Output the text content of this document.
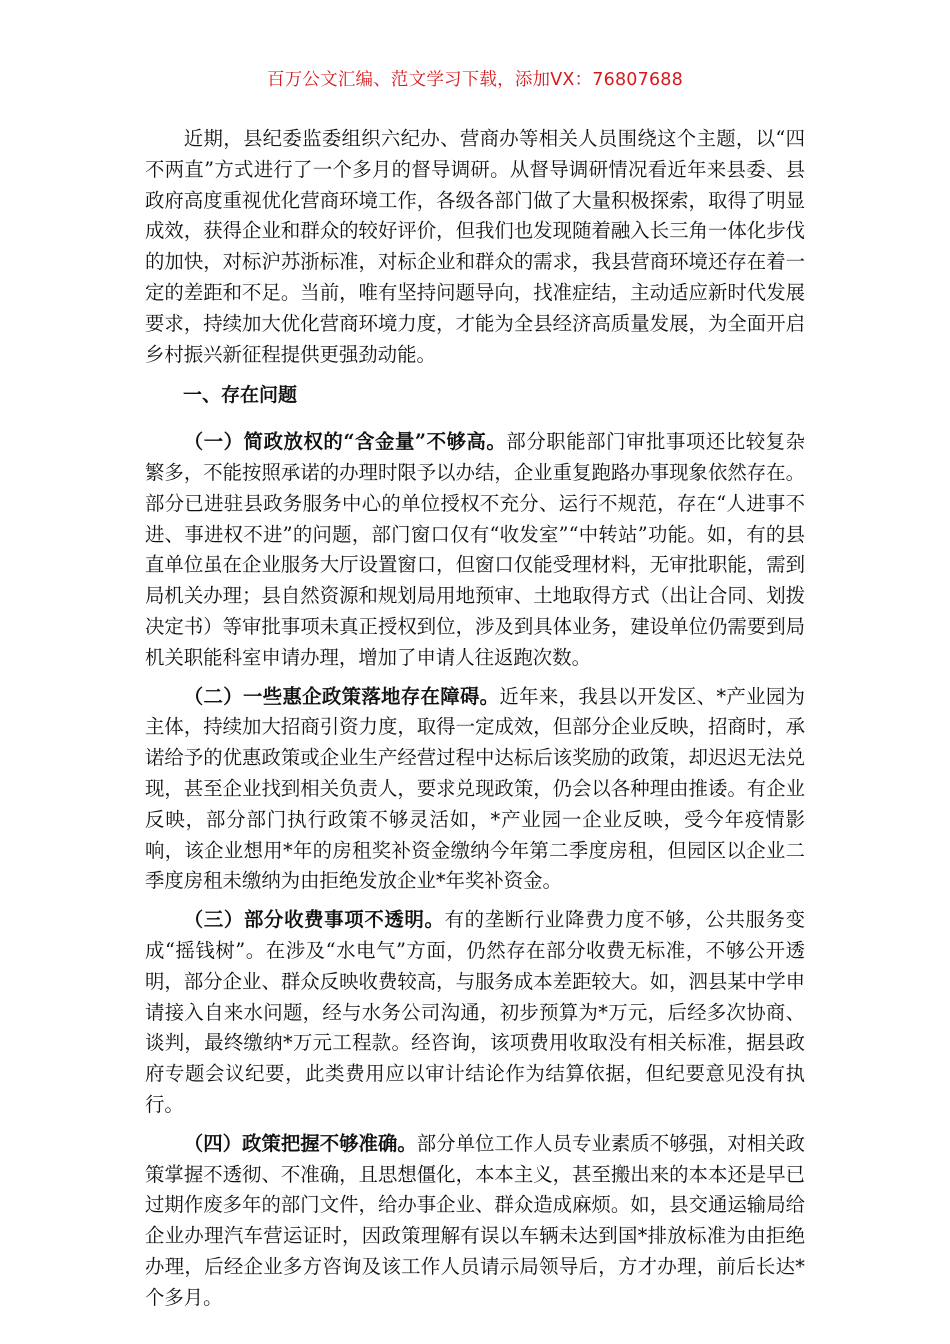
百万公文汇编、范文学习下载，添加VX：76807688

近期，县纪委监委组织六纪办、营商办等相关人员围绕这个主题，以“四不两直”方式进行了一个多月的督导调研。从督导调研情况看近年来县委、县政府高度重视优化营商环境工作，各级各部门做了大量积极探索，取得了明显成效，获得企业和群众的较好评价，但我们也发现随着融入长三角一体化步伐的加快，对标沪苏浙标准，对标企业和群众的需求，我县营商环境还存在着一定的差距和不足。当前，唯有坚持问题导向，找准症结，主动适应新时代发展要求，持续加大优化营商环境力度，才能为全县经济高质量发展，为全面开启乡村振兴新征程提供更强劲动能。

一、存在问题

（一）简政放权的“含金量”不够高。部分职能部门审批事项还比较复杂繁多，不能按照承诺的办理时限予以办结，企业重复跑路办事现象依然存在。部分已进驻县政务服务中心的单位授权不充分、运行不规范，存在“人进事不进、事进权不进”的问题，部门窗口仅有“收发室”“中转站”功能。如，有的县直单位虽在企业服务大厅设置窗口，但窗口仅能受理材料，无审批职能，需到局机关办理；县自然资源和规划局用地预审、土地取得方式（出让合同、划拨决定书）等审批事项未真正授权到位，涉及到具体业务，建设单位仍需要到局机关职能科室申请办理，增加了申请人往返跑次数。

（二）一些惠企政策落地存在障碍。近年来，我县以开发区、*产业园为主体，持续加大招商引资力度，取得一定成效，但部分企业反映，招商时，承诺给予的优惠政策或企业生产经营过程中达标后该奖励的政策，却迟迟无法兑现，甚至企业找到相关负责人，要求兑现政策，仍会以各种理由推诿。有企业反映，部分部门执行政策不够灵活如，*产业园一企业反映，受今年疫情影响，该企业想用*年的房租奖补资金缴纳今年第二季度房租，但园区以企业二季度房租未缴纳为由拒绝发放企业*年奖补资金。

（三）部分收费事项不透明。有的垄断行业降费力度不够，公共服务变成“摇钱树”。在涉及“水电气”方面，仍然存在部分收费无标准，不够公开透明，部分企业、群众反映收费较高，与服务成本差距较大。如，泗县某中学申请接入自来水问题，经与水务公司沟通，初步预算为*万元，后经多次协商、谈判，最终缴纳*万元工程款。经咨询，该项费用收取没有相关标准，据县政府专题会议纪要，此类费用应以审计结论作为结算依据，但纪要意见没有执行。

（四）政策把握不够准确。部分单位工作人员专业素质不够强，对相关政策掌握不透彻、不准确，且思想僵化，本本主义，甚至搬出来的本本还是早已过期作废多年的部门文件，给办事企业、群众造成麻烦。如，县交通运输局给企业办理汽车营运证时，因政策理解有误以车辆未达到国*排放标准为由拒绝办理，后经企业多方咨询及该工作人员请示局领导后，方才办理，前后长达*个多月。
